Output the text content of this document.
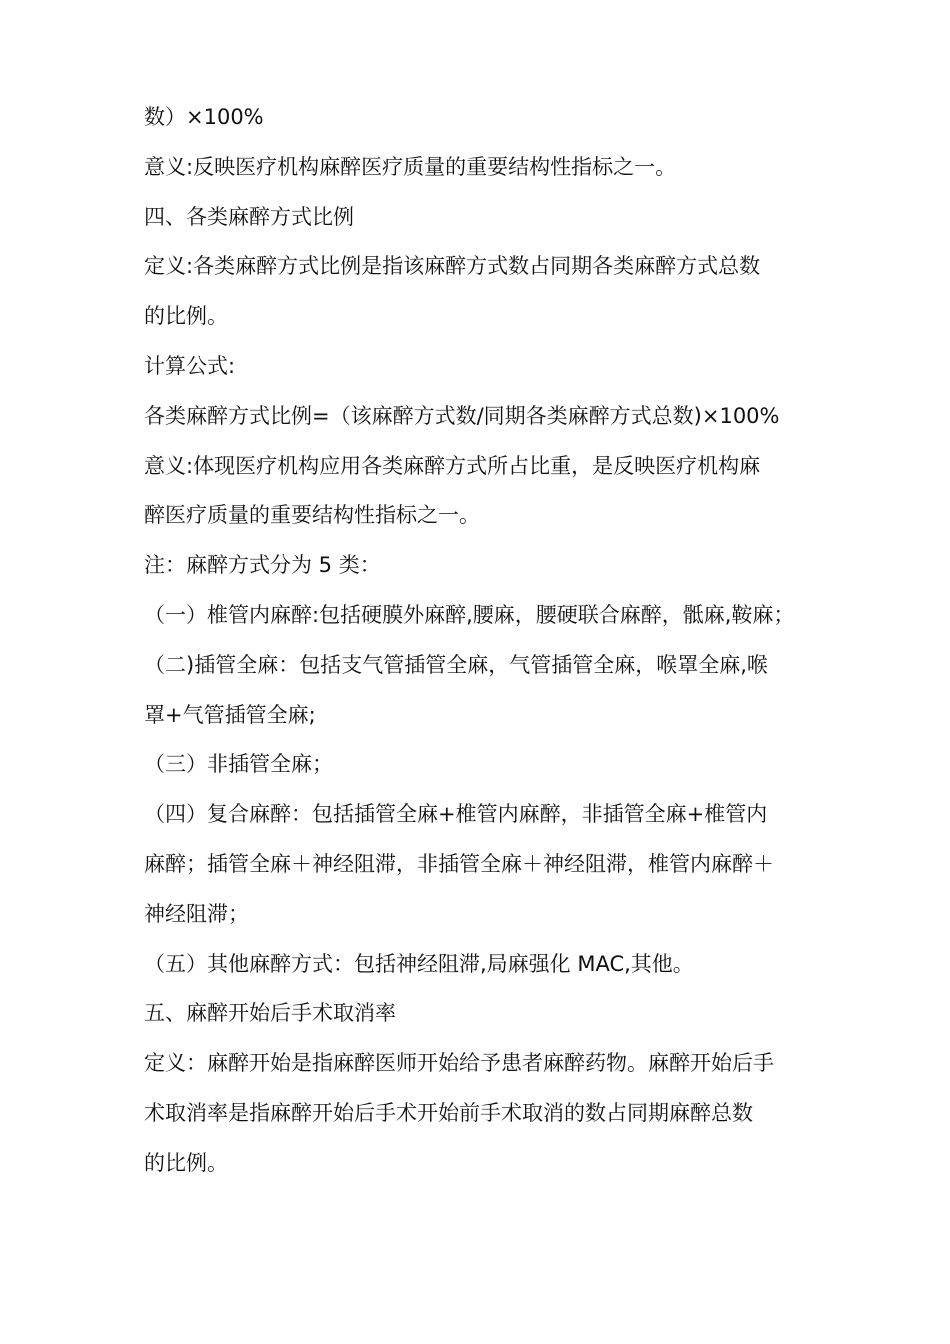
数）×100%
意义:反映医疗机构麻醉医疗质量的重要结构性指标之一。
四、各类麻醉方式比例
定义:各类麻醉方式比例是指该麻醉方式数占同期各类麻醉方式总数
的比例。
计算公式:
各类麻醉方式比例=（该麻醉方式数/同期各类麻醉方式总数)×100%
意义:体现医疗机构应用各类麻醉方式所占比重，是反映医疗机构麻
醉医疗质量的重要结构性指标之一。
注：麻醉方式分为 5 类：
（一）椎管内麻醉:包括硬膜外麻醉,腰麻，腰硬联合麻醉，骶麻,鞍麻；
（二)插管全麻：包括支气管插管全麻，气管插管全麻，喉罩全麻,喉
罩+气管插管全麻;
（三）非插管全麻；
（四）复合麻醉：包括插管全麻+椎管内麻醉，非插管全麻+椎管内
麻醉；插管全麻＋神经阻滞，非插管全麻＋神经阻滞，椎管内麻醉＋
神经阻滞；
（五）其他麻醉方式：包括神经阻滞,局麻强化 MAC,其他。
五、麻醉开始后手术取消率
定义：麻醉开始是指麻醉医师开始给予患者麻醉药物。麻醉开始后手
术取消率是指麻醉开始后手术开始前手术取消的数占同期麻醉总数
的比例。
